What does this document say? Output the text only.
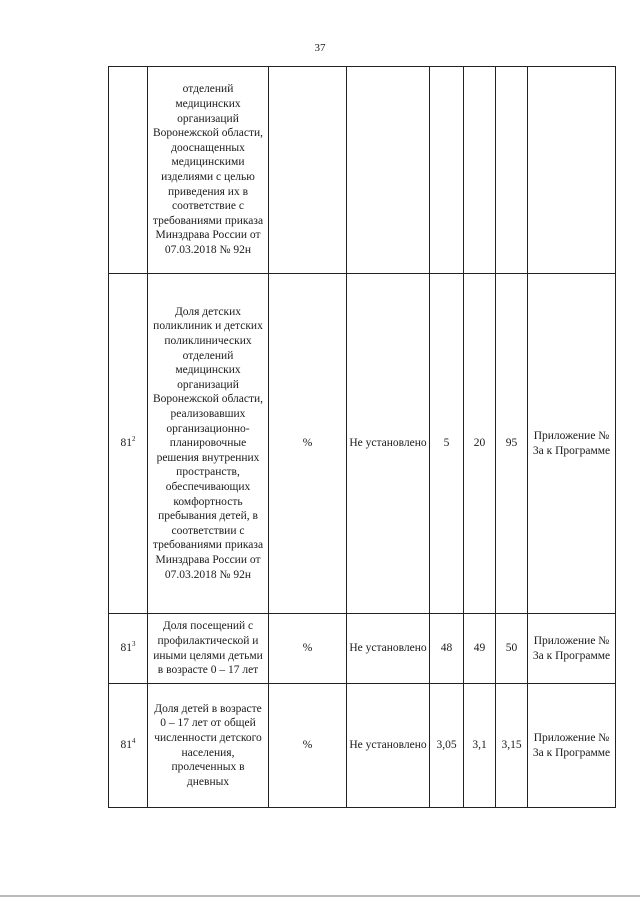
37
	отделений медицинских организаций Воронежской области, дооснащенных медицинскими изделиями с целью приведения их в соответствие с требованиями приказа Минздрава России от 07.03.2018 № 92н						
$81^2$	Доля детских поликлиник и детских поликлинических отделений медицинских организаций Воронежской области, реализовавших организационно-планировочные решения внутренних пространств, обеспечивающих комфортность пребывания детей, в соответствии с требованиями приказа Минздрава России от 07.03.2018 № 92н	%	Не установлено	5	20	95	Приложение № 3а к Программе
$81^3$	Доля посещений с профилактической и иными целями детьми в возрасте 0 – 17 лет	%	Не установлено	48	49	50	Приложение № 3а к Программе
$81^4$	Доля детей в возрасте 0 – 17 лет от общей численности детского населения, пролеченных в дневных	%	Не установлено	3,05	3,1	3,15	Приложение № 3а к Программе
